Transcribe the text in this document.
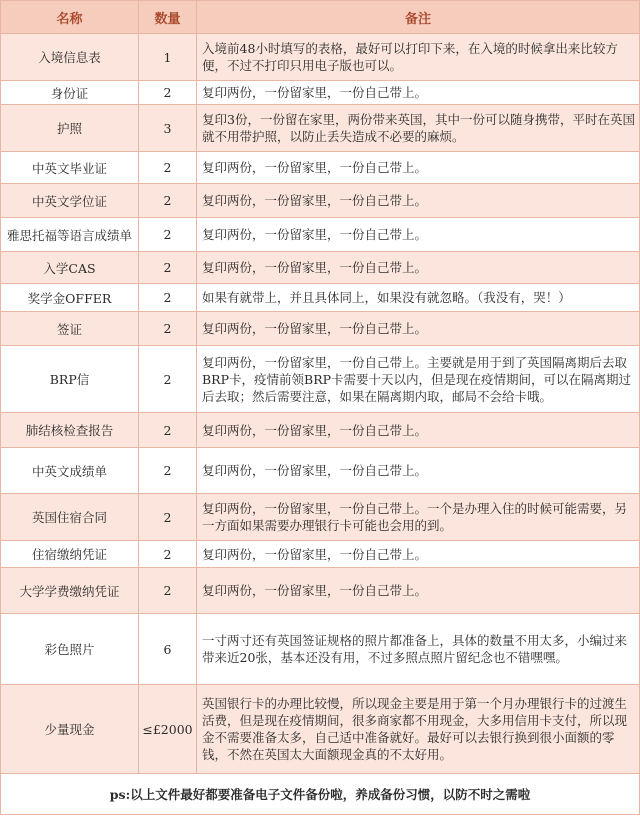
名称	数量	备注
入境信息表	1	入境前48小时填写的表格，最好可以打印下来，在入境的时候拿出来比较方便，不过不打印只用电子版也可以。
身份证	2	复印两份，一份留家里，一份自己带上。
护照	3	复印3份，一份留在家里，两份带来英国，其中一份可以随身携带，平时在英国就不用带护照，以防止丢失造成不必要的麻烦。
中英文毕业证	2	复印两份，一份留家里，一份自己带上。
中英文学位证	2	复印两份，一份留家里，一份自己带上。
雅思托福等语言成绩单	2	复印两份，一份留家里，一份自己带上。
入学CAS	2	复印两份，一份留家里，一份自己带上。
奖学金OFFER	2	如果有就带上，并且具体同上，如果没有就忽略。（我没有，哭！）
签证	2	复印两份，一份留家里，一份自己带上。
BRP信	2	复印两份，一份留家里，一份自己带上。主要就是用于到了英国隔离期后去取BRP卡，疫情前领BRP卡需要十天以内，但是现在疫情期间，可以在隔离期过后去取；然后需要注意，如果在隔离期内取，邮局不会给卡哦。
肺结核检查报告	2	复印两份，一份留家里，一份自己带上。
中英文成绩单	2	复印两份，一份留家里，一份自己带上。
英国住宿合同	2	复印两份，一份留家里，一份自己带上。一个是办理入住的时候可能需要，另一方面如果需要办理银行卡可能也会用的到。
住宿缴纳凭证	2	复印两份，一份留家里，一份自己带上。
大学学费缴纳凭证	2	复印两份，一份留家里，一份自己带上。
彩色照片	6	一寸两寸还有英国签证规格的照片都准备上，具体的数量不用太多，小编过来带来近20张，基本还没有用，不过多照点照片留纪念也不错嘿嘿。
少量现金	≤£2000	英国银行卡的办理比较慢，所以现金主要是用于第一个月办理银行卡的过渡生活费，但是现在疫情期间，很多商家都不用现金，大多用信用卡支付，所以现金不需要准备太多，自己适中准备就好。最好可以去银行换到很小面额的零钱，不然在英国太大面额现金真的不太好用。
ps:以上文件最好都要准备电子文件备份啦，养成备份习惯，以防不时之需啦		
